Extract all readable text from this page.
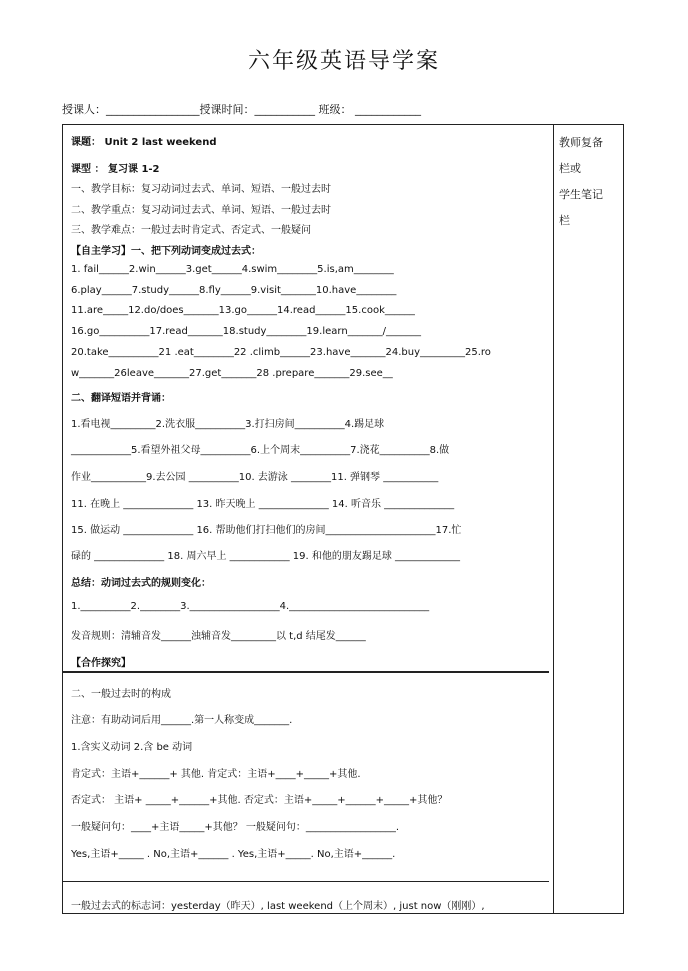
六年级英语导学案
授课人：_________________授课时间：___________ 班级： ____________
教师复备
栏或
学生笔记
栏
课题： Unit 2 last weekend
课型 ： 复习课 1-2
一、教学目标：复习动词过去式、单词、短语、一般过去时
二、教学重点：复习动词过去式、单词、短语、一般过去时
三、教学难点：一般过去时肯定式、否定式、一般疑问
【自主学习】一、把下列动词变成过去式：
1. fail______2.win______3.get______4.swim________5.is,am________
6.play______7.study______8.fly______9.visit_______10.have________
11.are_____12.do/does_______13.go______14.read______15.cook______
16.go__________17.read_______18.study________19.learn_______/_______
20.take__________21 .eat________22 .climb______23.have_______24.buy_________25.ro
w_______26leave_______27.get_______28 .prepare_______29.see__
二、翻译短语并背诵：
1.看电视_________2.洗衣服__________3.打扫房间__________4.踢足球
____________5.看望外祖父母__________6.上个周末__________7.浇花__________8.做
作业___________9.去公园 __________10. 去游泳 ________11. 弹钢琴 ___________
11. 在晚上 ______________ 13. 昨天晚上 ______________ 14. 听音乐 ______________
15. 做运动 ______________ 16. 帮助他们打扫他们的房间______________________17.忙
碌的 ______________ 18. 周六早上 ____________ 19. 和他的朋友踢足球 _____________
总结：动词过去式的规则变化：
1.__________2.________3.__________________4.____________________________
发音规则：清辅音发______浊辅音发_________以 t,d 结尾发______
【合作探究】
二、一般过去时的构成
注意：有助动词后用______.第一人称变成_______.
1.含实义动词 2.含 be 动词
肯定式：主语+______+ 其他. 肯定式：主语+____+_____+其他.
否定式： 主语+ _____+______+其他. 否定式：主语+_____+______+_____+其他？
一般疑问句：____+主语_____+其他？ 一般疑问句：__________________.
Yes,主语+_____ . No,主语+______ . Yes,主语+_____. No,主语+______.
一般过去式的标志词：yesterday（昨天）, last weekend（上个周末）, just now（刚刚）,
